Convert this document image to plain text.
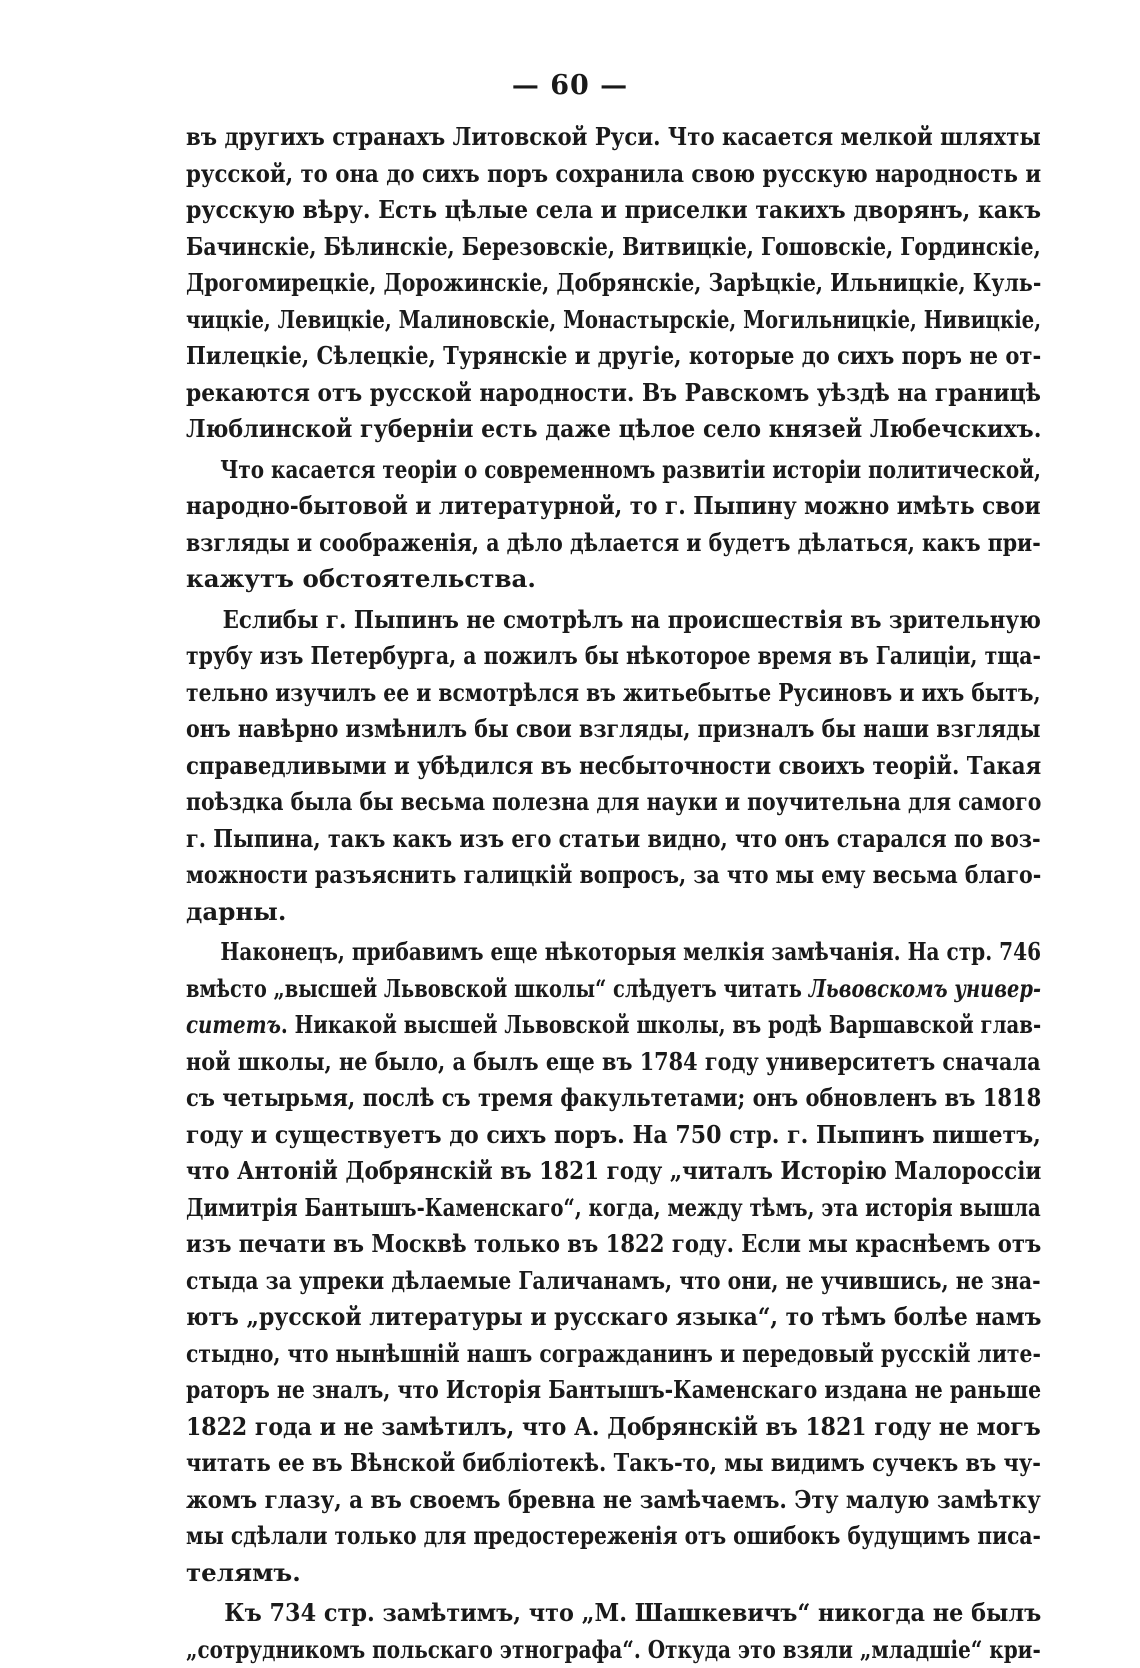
— 60 —
въ другихъ странахъ Литовской Руси. Что касается мелкой шляхты
русской, то она до сихъ поръ сохранила свою русскую народность и
русскую вѣру. Есть цѣлые села и приселки такихъ дворянъ, какъ
Бачинскіе, Бѣлинскіе, Березовскіе, Витвицкіе, Гошовскіе, Гординскіе,
Дрогомирецкіе, Дорожинскіе, Добрянскіе, Зарѣцкіе, Ильницкіе, Куль-
чицкіе, Левицкіе, Малиновскіе, Монастырскіе, Могильницкіе, Нивицкіе,
Пилецкіе, Сѣлецкіе, Турянскіе и другіе, которые до сихъ поръ не от-
рекаются отъ русской народности. Въ Равскомъ уѣздѣ на границѣ
Люблинской губерніи есть даже цѣлое село князей Любечскихъ.
Что касается теоріи о современномъ развитіи исторіи политической,
народно-бытовой и литературной, то г. Пыпину можно имѣть свои
взгляды и соображенія, а дѣло дѣлается и будетъ дѣлаться, какъ при-
кажутъ обстоятельства.
Еслибы г. Пыпинъ не смотрѣлъ на происшествія въ зрительную
трубу изъ Петербурга, а пожилъ бы нѣкоторое время въ Галиціи, тща-
тельно изучилъ ее и всмотрѣлся въ житьебытье Русиновъ и ихъ бытъ,
онъ навѣрно измѣнилъ бы свои взгляды, призналъ бы наши взгляды
справедливыми и убѣдился въ несбыточности своихъ теорій. Такая
поѣздка была бы весьма полезна для науки и поучительна для самого
г. Пыпина, такъ какъ изъ его статьи видно, что онъ старался по воз-
можности разъяснить галицкій вопросъ, за что мы ему весьма благо-
дарны.
Наконецъ, прибавимъ еще нѣкоторыя мелкія замѣчанія. На стр. 746
вмѣсто „высшей Львовской школы“ слѣдуетъ читать Львовскомъ универ-
ситетъ. Никакой высшей Львовской школы, въ родѣ Варшавской глав-
ной школы, не было, а былъ еще въ 1784 году университетъ сначала
съ четырьмя, послѣ съ тремя факультетами; онъ обновленъ въ 1818
году и существуетъ до сихъ поръ. На 750 стр. г. Пыпинъ пишетъ,
что Антоній Добрянскій въ 1821 году „читалъ Исторію Малороссіи
Димитрія Бантышъ-Каменскаго“, когда, между тѣмъ, эта исторія вышла
изъ печати въ Москвѣ только въ 1822 году. Если мы краснѣемъ отъ
стыда за упреки дѣлаемые Галичанамъ, что они, не учившись, не зна-
ютъ „русской литературы и русскаго языка“, то тѣмъ болѣе намъ
стыдно, что нынѣшній нашъ согражданинъ и передовый русскій лите-
раторъ не зналъ, что Исторія Бантышъ-Каменскаго издана не раньше
1822 года и не замѣтилъ, что А. Добрянскій въ 1821 году не могъ
читать ее въ Вѣнской библіотекѣ. Такъ-то, мы видимъ сучекъ въ чу-
жомъ глазу, а въ своемъ бревна не замѣчаемъ. Эту малую замѣтку
мы сдѣлали только для предостереженія отъ ошибокъ будущимъ писа-
телямъ.
Къ 734 стр. замѣтимъ, что „М. Шашкевичъ“ никогда не былъ
„сотрудникомъ польскаго этнографа“. Откуда это взяли „младшіе“ кри-
